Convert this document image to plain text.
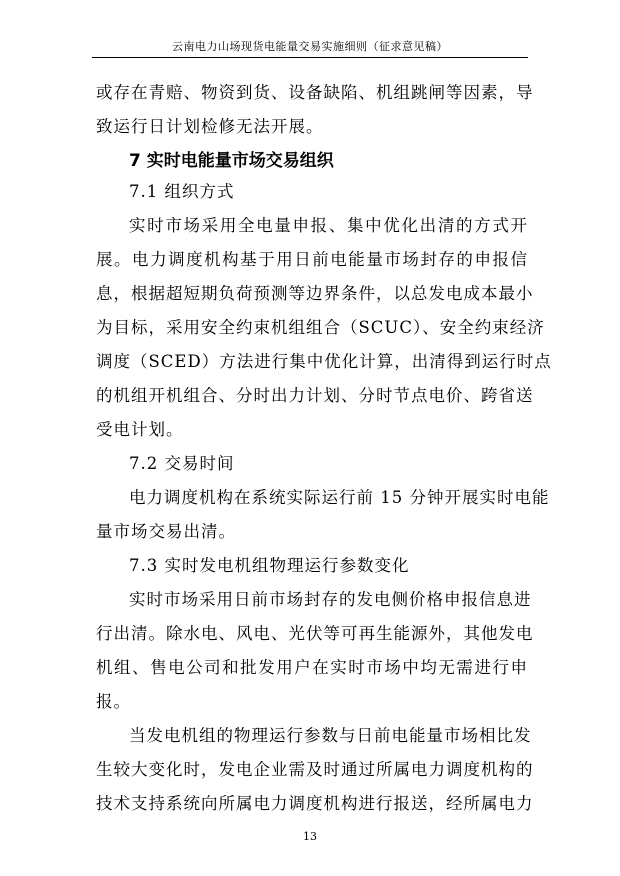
云南电力山场现货电能量交易实施细则（征求意见稿）
或存在青赔、物资到货、设备缺陷、机组跳闸等因素，导
致运行日计划检修无法开展。
7 实时电能量市场交易组织
7.1 组织方式
实时市场采用全电量申报、集中优化出清的方式开
展。电力调度机构基于用日前电能量市场封存的申报信
息，根据超短期负荷预测等边界条件，以总发电成本最小
为目标，采用安全约束机组组合（SCUC）、安全约束经济
调度（SCED）方法进行集中优化计算，出清得到运行时点
的机组开机组合、分时出力计划、分时节点电价、跨省送
受电计划。
7.2 交易时间
电力调度机构在系统实际运行前 15 分钟开展实时电能
量市场交易出清。
7.3 实时发电机组物理运行参数变化
实时市场采用日前市场封存的发电侧价格申报信息进
行出清。除水电、风电、光伏等可再生能源外，其他发电
机组、售电公司和批发用户在实时市场中均无需进行申
报。
当发电机组的物理运行参数与日前电能量市场相比发
生较大变化时，发电企业需及时通过所属电力调度机构的
技术支持系统向所属电力调度机构进行报送，经所属电力
13
